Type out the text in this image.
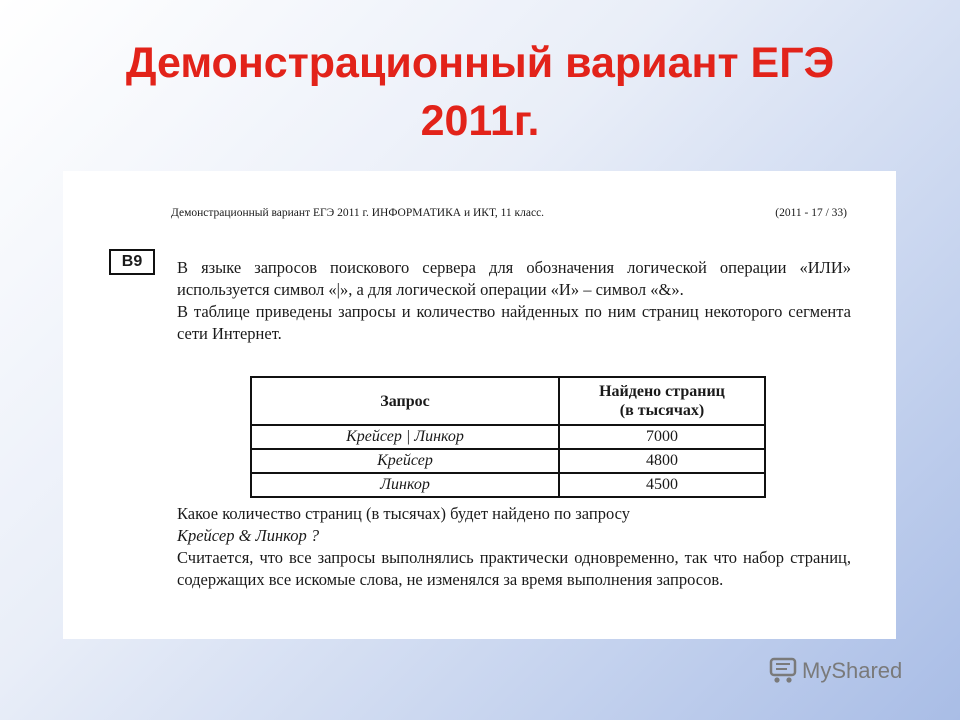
Демонстрационный вариант ЕГЭ
2011г.
Демонстрационный вариант ЕГЭ 2011 г. ИНФОРМАТИКА и ИКТ, 11 класс.	(2011 - 17 / 33)
В9	В языке запросов поискового сервера для обозначения логической операции «ИЛИ» используется символ «|», а для логической операции «И» – символ «&».
В таблице приведены запросы и количество найденных по ним страниц некоторого сегмента сети Интернет.
Запрос	Найдено страниц
(в тысячах)

Крейсер | Линкор	7000
Крейсер	4800
Линкор	4500
Какое количество страниц (в тысячах) будет найдено по запросу
Крейсер & Линкор ?
Считается, что все запросы выполнялись практически одновременно, так что набор страниц, содержащих все искомые слова, не изменялся за время выполнения запросов.
MyShared
